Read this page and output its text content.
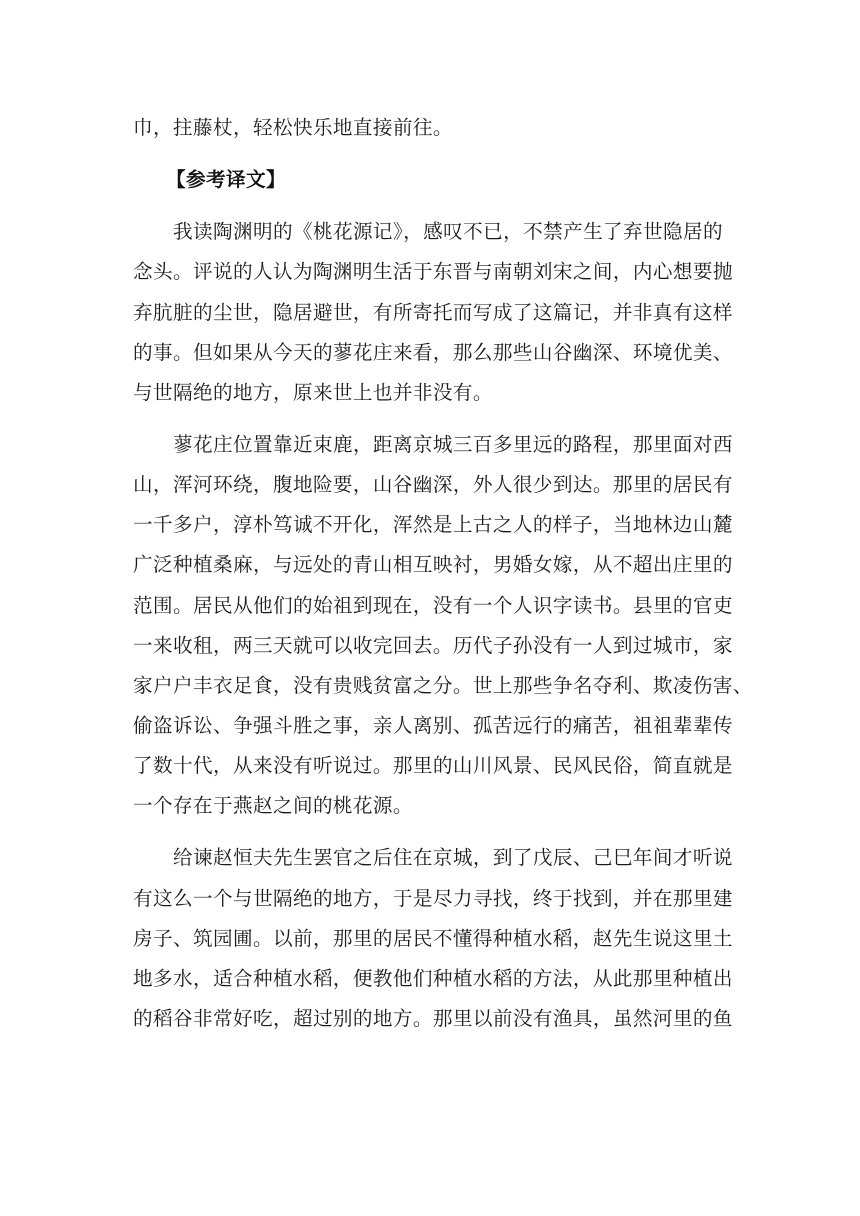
巾，拄藤杖，轻松快乐地直接前往。
【参考译文】
我读陶渊明的《桃花源记》，感叹不已，不禁产生了弃世隐居的
念头。评说的人认为陶渊明生活于东晋与南朝刘宋之间，内心想要抛
弃肮脏的尘世，隐居避世，有所寄托而写成了这篇记，并非真有这样
的事。但如果从今天的蓼花庄来看，那么那些山谷幽深、环境优美、
与世隔绝的地方，原来世上也并非没有。
蓼花庄位置靠近束鹿，距离京城三百多里远的路程，那里面对西
山，浑河环绕，腹地险要，山谷幽深，外人很少到达。那里的居民有
一千多户，淳朴笃诚不开化，浑然是上古之人的样子，当地林边山麓
广泛种植桑麻，与远处的青山相互映衬，男婚女嫁，从不超出庄里的
范围。居民从他们的始祖到现在，没有一个人识字读书。县里的官吏
一来收租，两三天就可以收完回去。历代子孙没有一人到过城市，家
家户户丰衣足食，没有贵贱贫富之分。世上那些争名夺利、欺凌伤害、
偷盗诉讼、争强斗胜之事，亲人离别、孤苦远行的痛苦，祖祖辈辈传
了数十代，从来没有听说过。那里的山川风景、民风民俗，简直就是
一个存在于燕赵之间的桃花源。
给谏赵恒夫先生罢官之后住在京城，到了戊辰、己巳年间才听说
有这么一个与世隔绝的地方，于是尽力寻找，终于找到，并在那里建
房子、筑园圃。以前，那里的居民不懂得种植水稻，赵先生说这里土
地多水，适合种植水稻，便教他们种植水稻的方法，从此那里种植出
的稻谷非常好吃，超过别的地方。那里以前没有渔具，虽然河里的鱼
